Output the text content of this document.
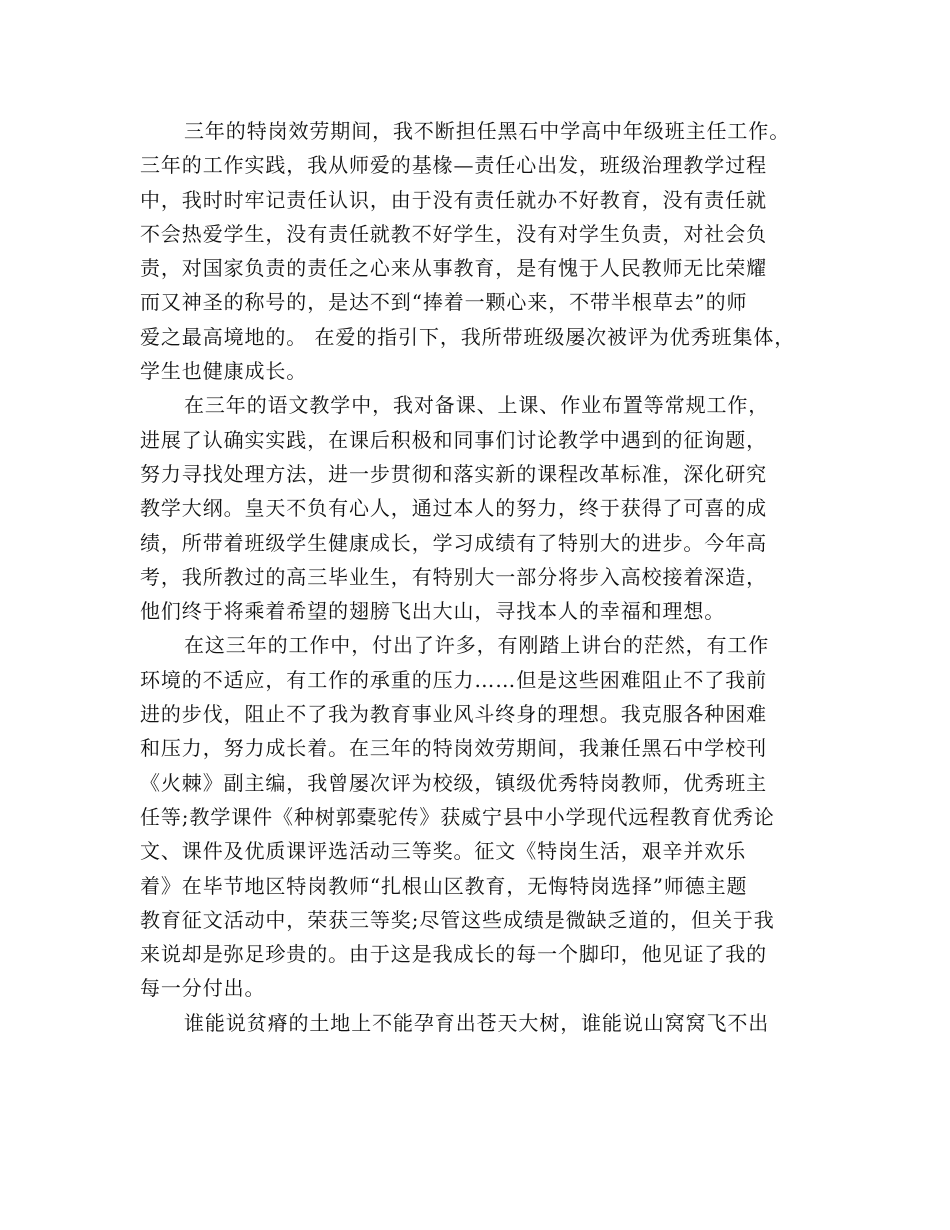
三年的特岗效劳期间，我不断担任黑石中学高中年级班主任工作。
三年的工作实践，我从师爱的基椽—责任心出发，班级治理教学过程
中，我时时牢记责任认识，由于没有责任就办不好教育，没有责任就
不会热爱学生，没有责任就教不好学生，没有对学生负责，对社会负
责，对国家负责的责任之心来从事教育，是有愧于人民教师无比荣耀
而又神圣的称号的，是达不到“捧着一颗心来，不带半根草去”的师
爱之最高境地的。 在爱的指引下，我所带班级屡次被评为优秀班集体，
学生也健康成长。
在三年的语文教学中，我对备课、上课、作业布置等常规工作，
进展了认确实实践，在课后积极和同事们讨论教学中遇到的征询题，
努力寻找处理方法，进一步贯彻和落实新的课程改革标准，深化研究
教学大纲。皇天不负有心人，通过本人的努力，终于获得了可喜的成
绩，所带着班级学生健康成长，学习成绩有了特别大的进步。今年高
考，我所教过的高三毕业生，有特别大一部分将步入高校接着深造，
他们终于将乘着希望的翅膀飞出大山，寻找本人的幸福和理想。
在这三年的工作中，付出了许多，有刚踏上讲台的茫然，有工作
环境的不适应，有工作的承重的压力……但是这些困难阻止不了我前
进的步伐，阻止不了我为教育事业风斗终身的理想。我克服各种困难
和压力，努力成长着。在三年的特岗效劳期间，我兼任黑石中学校刊
《火棘》副主编，我曾屡次评为校级，镇级优秀特岗教师，优秀班主
任等;教学课件《种树郭橐驼传》获威宁县中小学现代远程教育优秀论
文、课件及优质课评选活动三等奖。征文《特岗生活，艰辛并欢乐
着》在毕节地区特岗教师“扎根山区教育，无悔特岗选择”师德主题
教育征文活动中，荣获三等奖;尽管这些成绩是微缺乏道的，但关于我
来说却是弥足珍贵的。由于这是我成长的每一个脚印，他见证了我的
每一分付出。
谁能说贫瘠的土地上不能孕育出苍天大树，谁能说山窝窝飞不出
